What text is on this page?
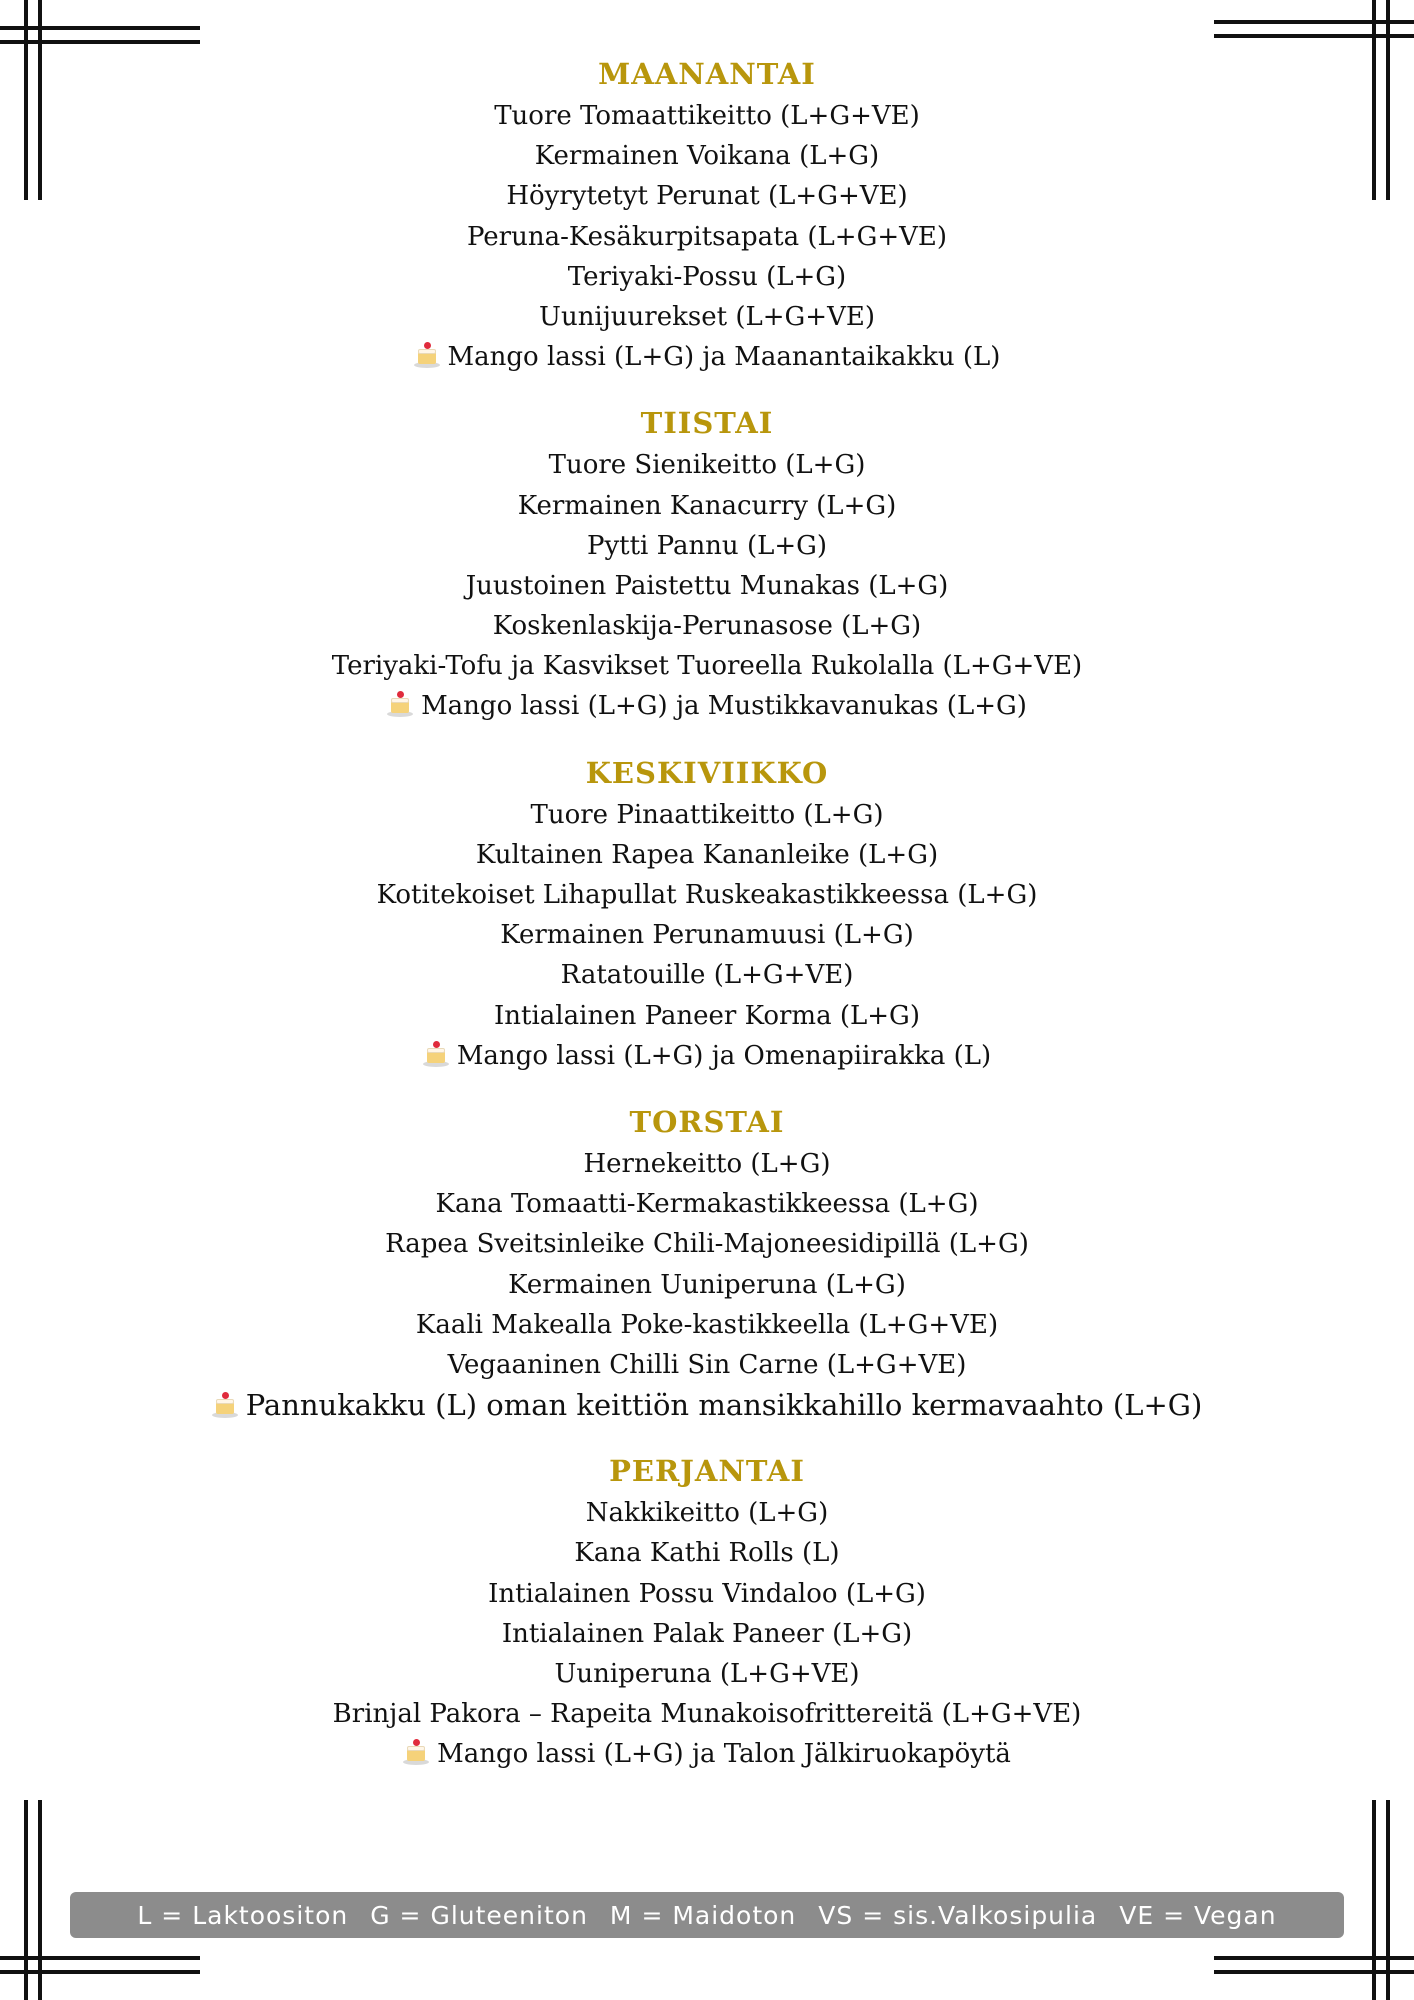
MAANANTAI
Tuore Tomaattikeitto (L+G+VE)
Kermainen Voikana (L+G)
Höyrytetyt Perunat (L+G+VE)
Peruna-Kesäkurpitsapata (L+G+VE)
Teriyaki-Possu (L+G)
Uunijuurekset (L+G+VE)
Mango lassi (L+G) ja Maanantaikakku (L)
TIISTAI
Tuore Sienikeitto (L+G)
Kermainen Kanacurry (L+G)
Pytti Pannu (L+G)
Juustoinen Paistettu Munakas (L+G)
Koskenlaskija-Perunasose (L+G)
Teriyaki-Tofu ja Kasvikset Tuoreella Rukolalla (L+G+VE)
Mango lassi (L+G) ja Mustikkavanukas (L+G)
KESKIVIIKKO
Tuore Pinaattikeitto (L+G)
Kultainen Rapea Kananleike (L+G)
Kotitekoiset Lihapullat Ruskeakastikkeessa (L+G)
Kermainen Perunamuusi (L+G)
Ratatouille (L+G+VE)
Intialainen Paneer Korma (L+G)
Mango lassi (L+G) ja Omenapiirakka (L)
TORSTAI
Hernekeitto (L+G)
Kana Tomaatti-Kermakastikkeessa (L+G)
Rapea Sveitsinleike Chili-Majoneesidipillä (L+G)
Kermainen Uuniperuna (L+G)
Kaali Makealla Poke-kastikkeella (L+G+VE)
Vegaaninen Chilli Sin Carne (L+G+VE)
Pannukakku (L) oman keittiön mansikkahillo kermavaahto (L+G)
PERJANTAI
Nakkikeitto (L+G)
Kana Kathi Rolls (L)
Intialainen Possu Vindaloo (L+G)
Intialainen Palak Paneer (L+G)
Uuniperuna (L+G+VE)
Brinjal Pakora – Rapeita Munakoisofrittereitä (L+G+VE)
Mango lassi (L+G) ja Talon Jälkiruokapöytä
L = Laktoositon G = Gluteeniton M = Maidoton VS = sis.Valkosipulia VE = Vegan
